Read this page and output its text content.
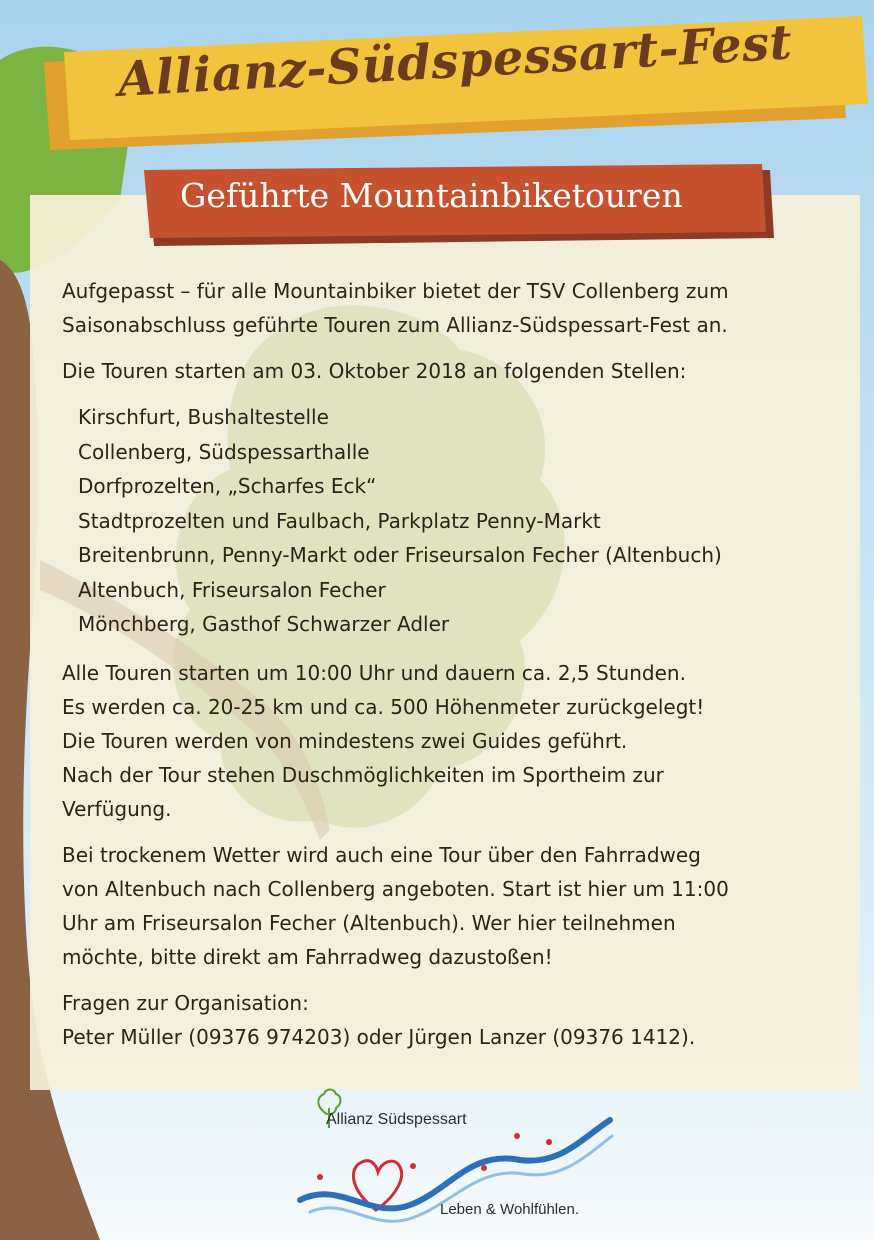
Allianz-Südspessart-Fest
Geführte Mountainbiketouren

Aufgepasst – für alle Mountainbiker bietet der TSV Collenberg zum
Saisonabschluss geführte Touren zum Allianz-Südspessart-Fest an.

Die Touren starten am 03. Oktober 2018 an folgenden Stellen:

Kirschfurt, Bushaltestelle
Collenberg, Südspessarthalle
Dorfprozelten, „Scharfes Eck“
Stadtprozelten und Faulbach, Parkplatz Penny-Markt
Breitenbrunn, Penny-Markt oder Friseursalon Fecher (Altenbuch)
Altenbuch, Friseursalon Fecher
Mönchberg, Gasthof Schwarzer Adler

Alle Touren starten um 10:00 Uhr und dauern ca. 2,5 Stunden.
Es werden ca. 20-25 km und ca. 500 Höhenmeter zurückgelegt!
Die Touren werden von mindestens zwei Guides geführt.
Nach der Tour stehen Duschmöglichkeiten im Sportheim zur
Verfügung.

Bei trockenem Wetter wird auch eine Tour über den Fahrradweg
von Altenbuch nach Collenberg angeboten. Start ist hier um 11:00
Uhr am Friseursalon Fecher (Altenbuch). Wer hier teilnehmen
möchte, bitte direkt am Fahrradweg dazustoßen!

Fragen zur Organisation:
Peter Müller (09376 974203) oder Jürgen Lanzer (09376 1412).

Allianz Südspessart
Leben & Wohlfühlen.
